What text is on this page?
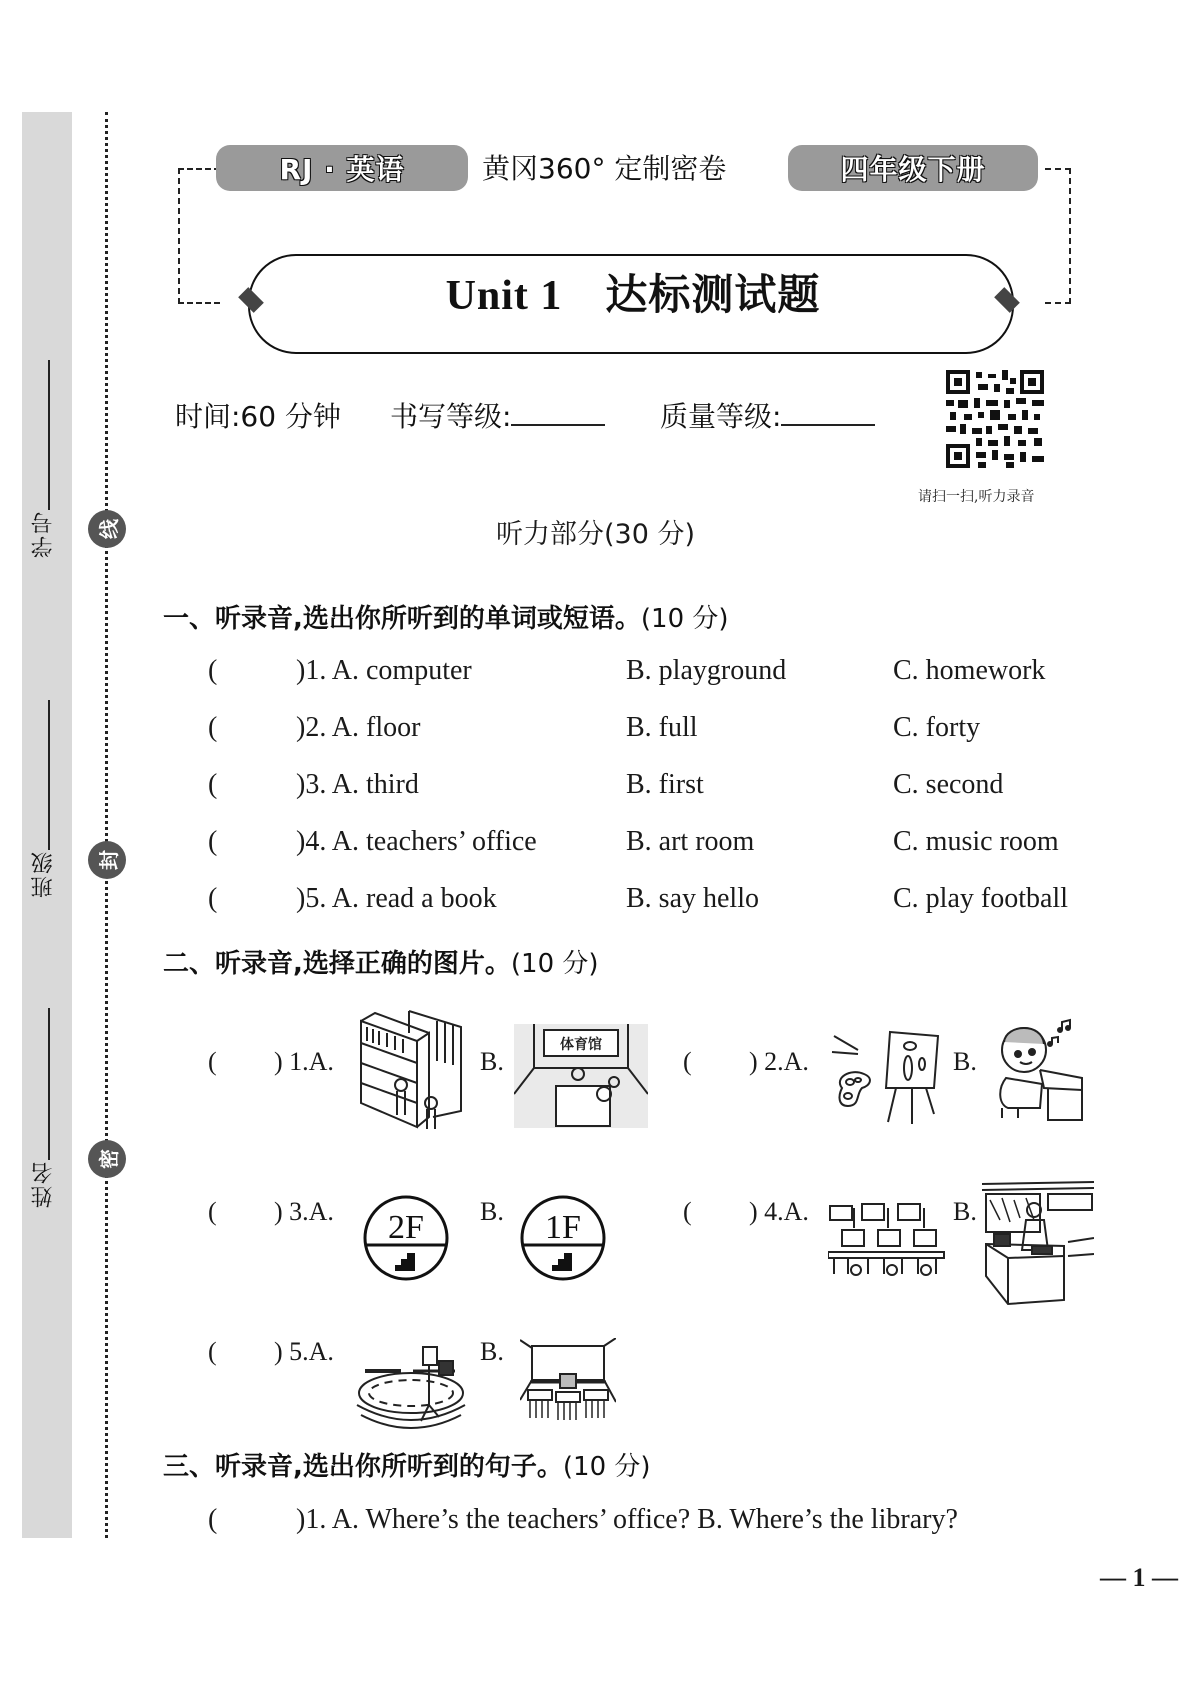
学号
班级
姓名
线
封
密
RJ · 英语	黄冈360° 定制密卷	四年级下册
Unit 1　达标测试题
时间:60 分钟 书写等级:	质量等级:
请扫一扫,听力录音
听力部分(30 分)
一、听录音,选出你所听到的单词或短语。(10 分)
(	)1. A. computer	B. playground	C. homework
(	)2. A. floor	B. full	C. forty
(	)3. A. third	B. first	C. second
(	)4. A. teachers’ office	B. art room	C. music room
(	)5. A. read a book	B. say hello	C. play football
二、听录音,选择正确的图片。(10 分)
( ) 1.A.	B.
体育馆
( ) 2.A.	B.
( ) 3.A.	B.
2F	1F	( ) 4.A.	B.
( ) 5.A.	B.
三、听录音,选出你所听到的句子。(10 分)
(	)1. A. Where’s the teachers’ office? B. Where’s the library?
— 1 —
